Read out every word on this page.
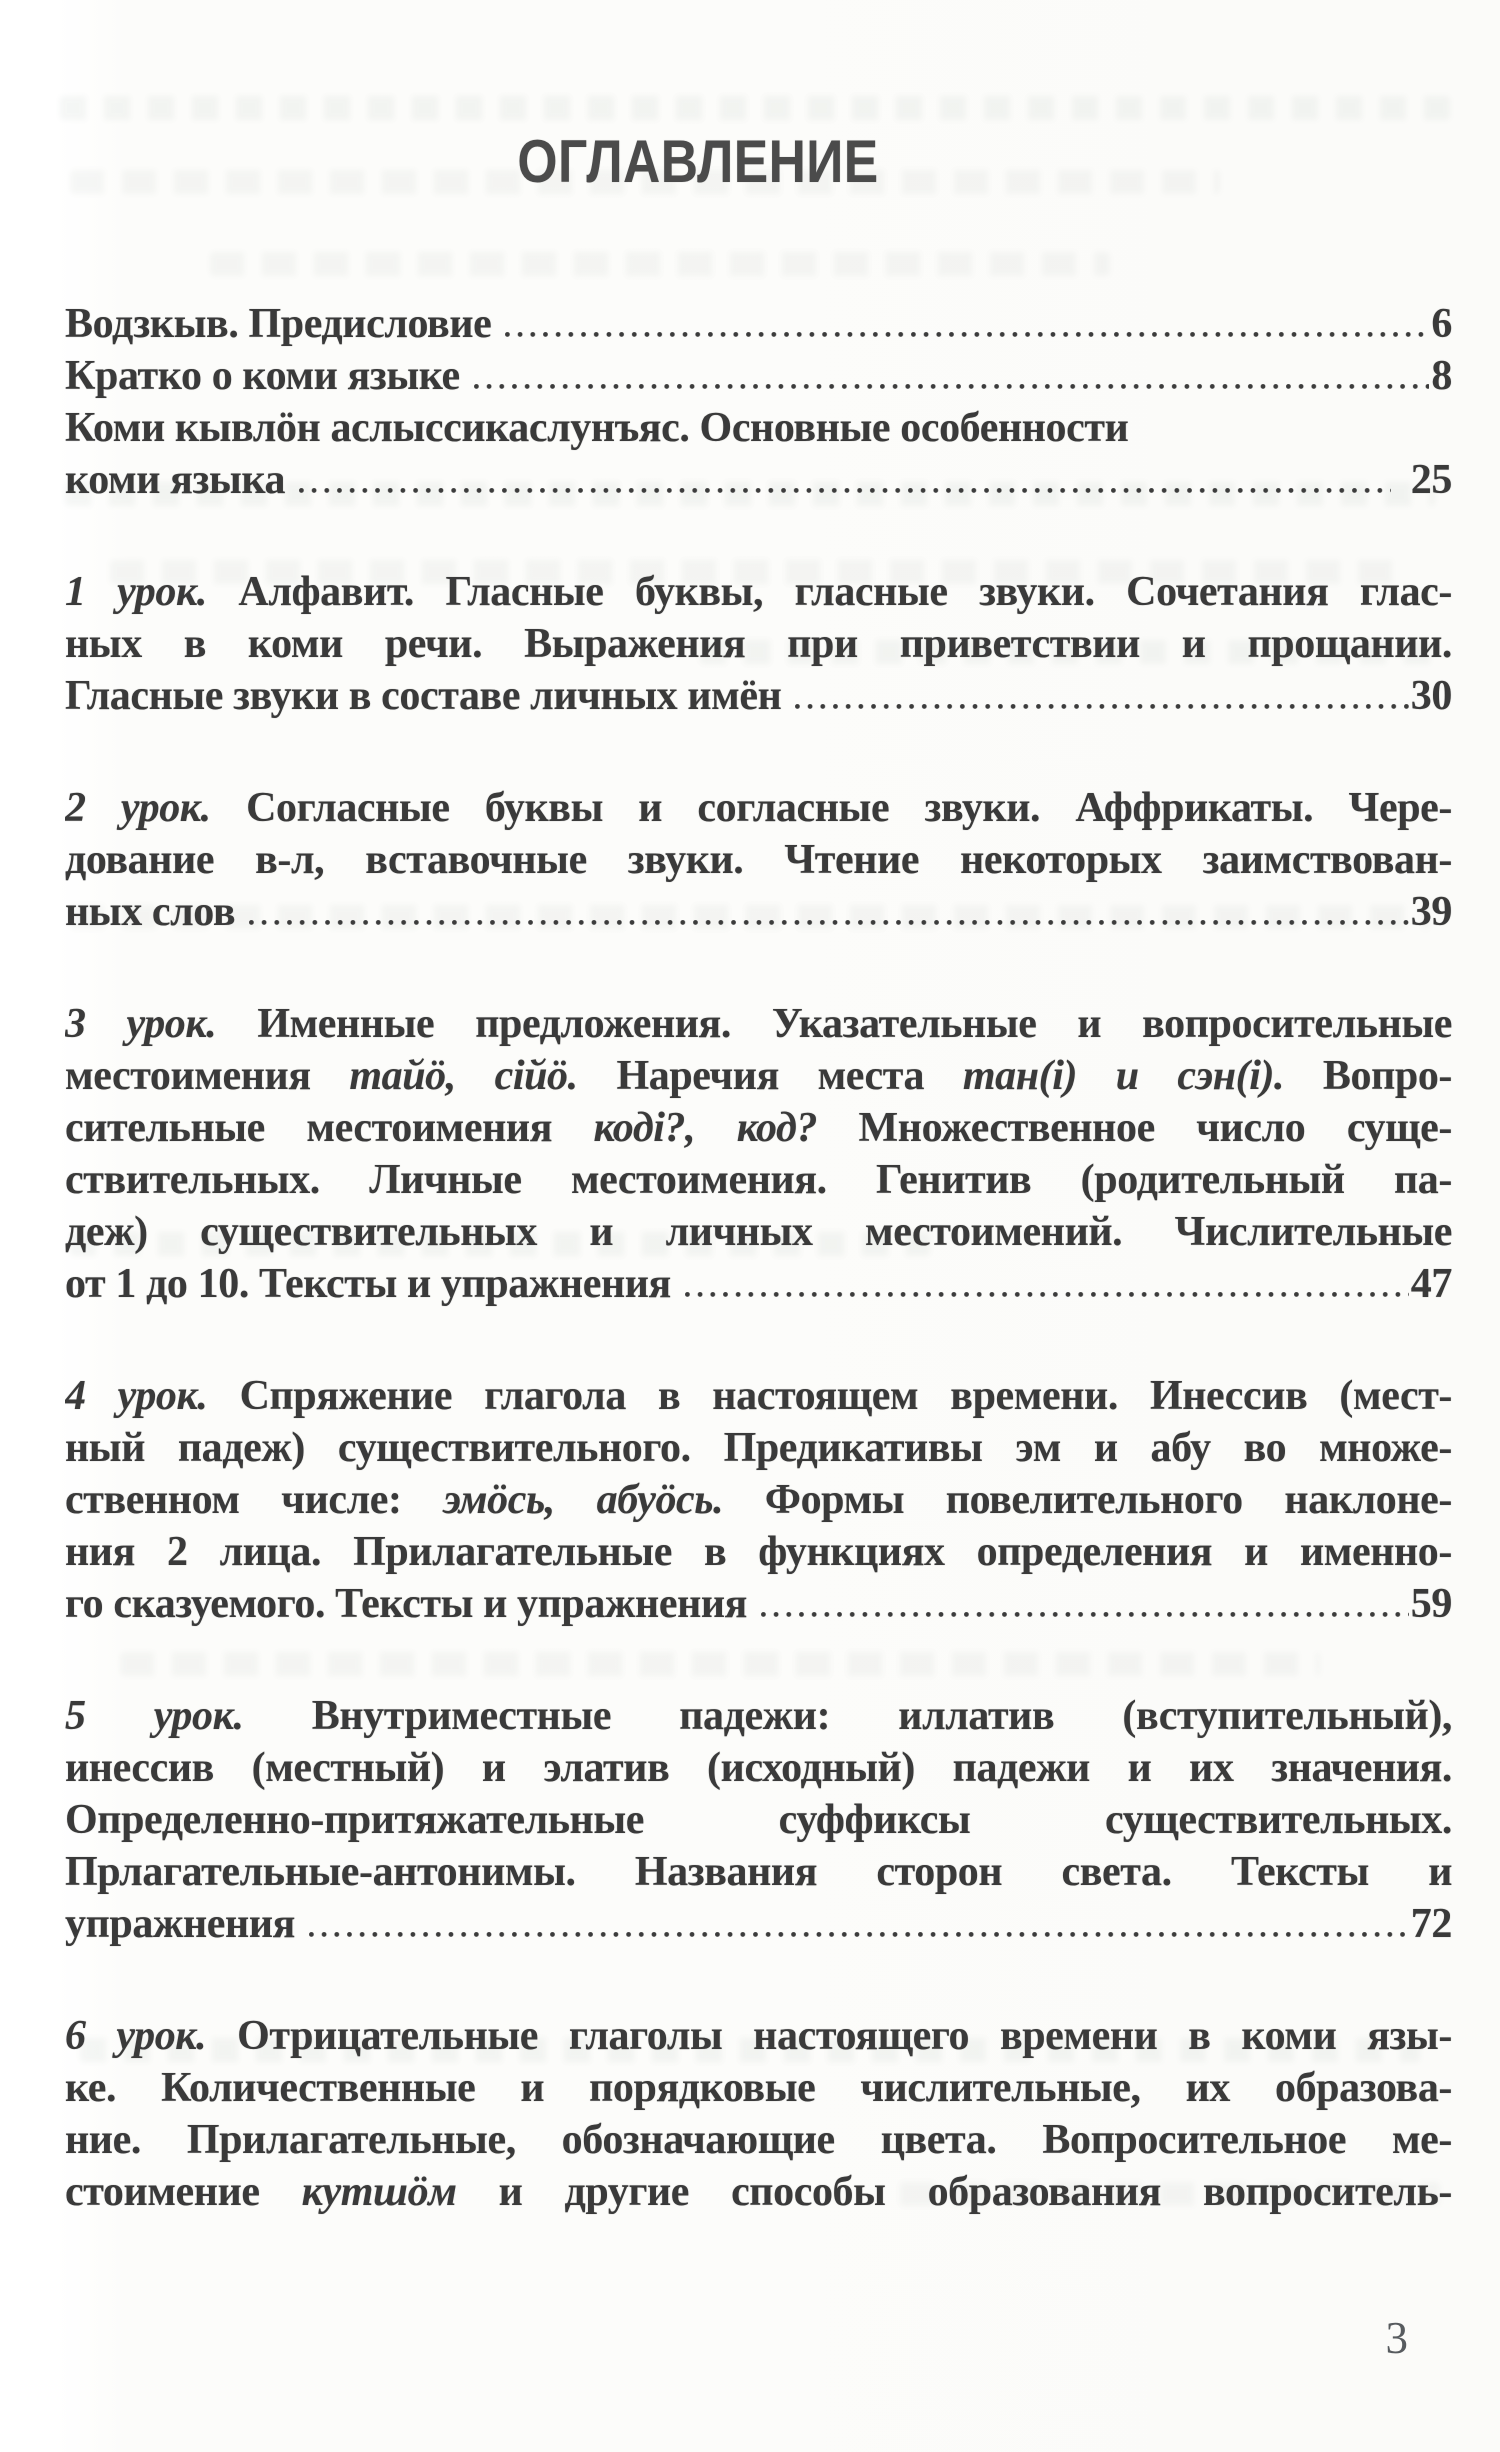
ОГЛАВЛЕНИЕ
Водзкыв. Предисловие	6
Кратко о коми языке	8
Коми кывлöн аслыссикаслунъяс. Основные особенности
коми языка	25
1 урок. Алфавит. Гласные буквы, гласные звуки. Сочетания глас-
ных в коми речи. Выражения при приветствии и прощании.
Гласные звуки в составе личных имён	30
2 урок. Согласные буквы и согласные звуки. Аффрикаты. Чере-
дование в-л, вставочные звуки. Чтение некоторых заимствован-
ных слов	39
3 урок. Именные предложения. Указательные и вопросительные
местоимения тайö, сійö. Наречия места тан(і) и сэн(і). Вопро-
сительные местоимения коді?, код? Множественное число суще-
ствительных. Личные местоимения. Генитив (родительный па-
деж) существительных и личных местоимений. Числительные
от 1 до 10. Тексты и упражнения	47
4 урок. Спряжение глагола в настоящем времени. Инессив (мест-
ный падеж) существительного. Предикативы эм и абу во множе-
ственном числе: эмöсь, абуöсь. Формы повелительного наклоне-
ния 2 лица. Прилагательные в функциях определения и именно-
го сказуемого. Тексты и упражнения	59
5 урок. Внутриместные падежи: иллатив (вступительный),
инессив (местный) и элатив (исходный) падежи и их значения.
Определенно-притяжательные суффиксы существительных.
Прлагательные-антонимы. Названия сторон света. Тексты и
упражнения	72
6 урок. Отрицательные глаголы настоящего времени в коми язы-
ке. Количественные и порядковые числительные, их образова-
ние. Прилагательные, обозначающие цвета. Вопросительное ме-
стоимение кутшöм и другие способы образования вопроситель-
3
